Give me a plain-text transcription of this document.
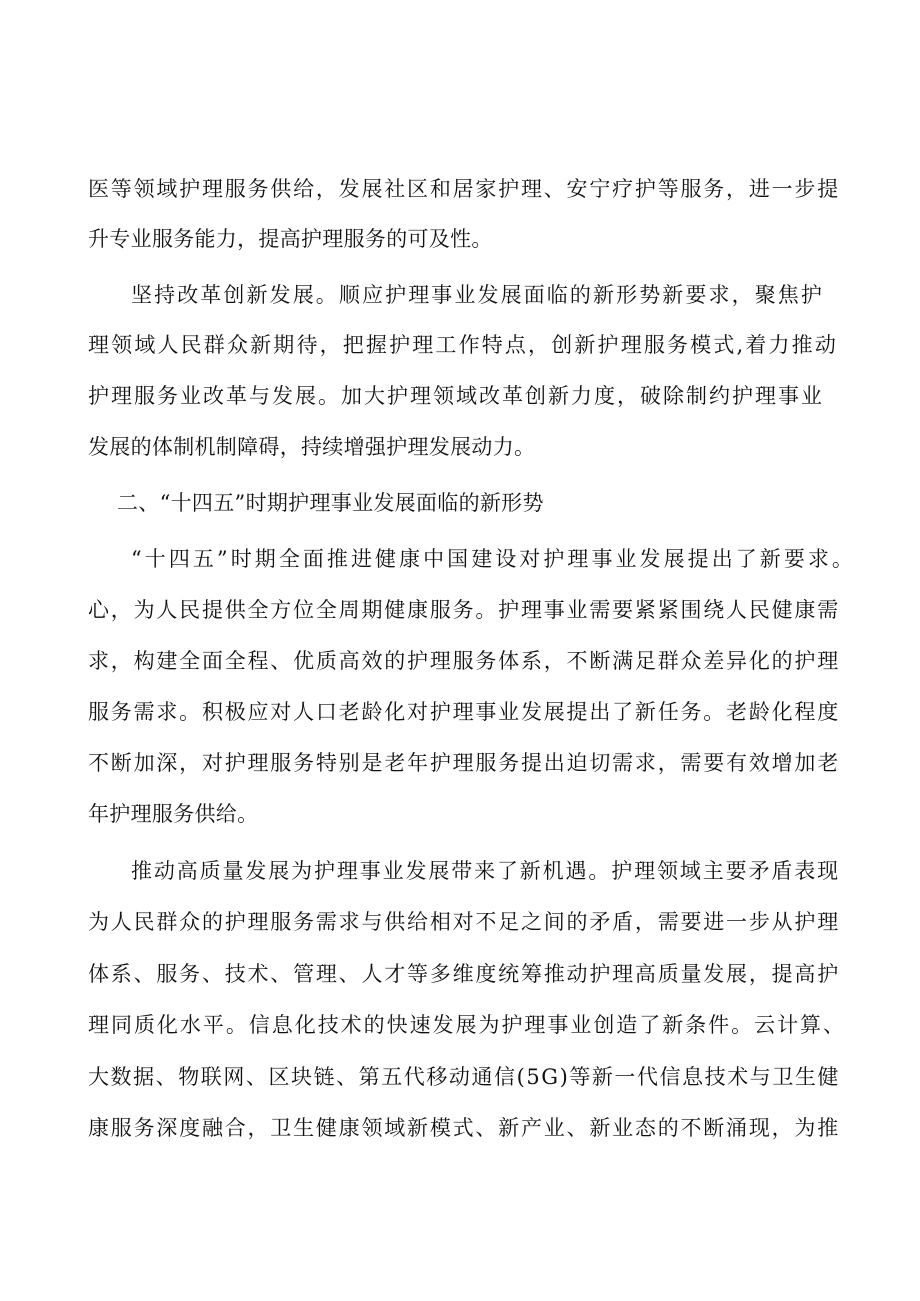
医等领域护理服务供给，发展社区和居家护理、安宁疗护等服务，进一步提
升专业服务能力，提高护理服务的可及性。
坚持改革创新发展。顺应护理事业发展面临的新形势新要求，聚焦护
理领域人民群众新期待，把握护理工作特点，创新护理服务模式,着力推动
护理服务业改革与发展。加大护理领域改革创新力度，破除制约护理事业
发展的体制机制障碍，持续增强护理发展动力。
二、“十四五”时期护理事业发展面临的新形势
“十四五”时期全面推进健康中国建设对护理事业发展提出了新要求。
心，为人民提供全方位全周期健康服务。护理事业需要紧紧围绕人民健康需
求，构建全面全程、优质高效的护理服务体系，不断满足群众差异化的护理
服务需求。积极应对人口老龄化对护理事业发展提出了新任务。老龄化程度
不断加深，对护理服务特别是老年护理服务提出迫切需求，需要有效增加老
年护理服务供给。
推动高质量发展为护理事业发展带来了新机遇。护理领域主要矛盾表现
为人民群众的护理服务需求与供给相对不足之间的矛盾，需要进一步从护理
体系、服务、技术、管理、人才等多维度统筹推动护理高质量发展，提高护
理同质化水平。信息化技术的快速发展为护理事业创造了新条件。云计算、
大数据、物联网、区块链、第五代移动通信(5G)等新一代信息技术与卫生健
康服务深度融合，卫生健康领域新模式、新产业、新业态的不断涌现，为推
